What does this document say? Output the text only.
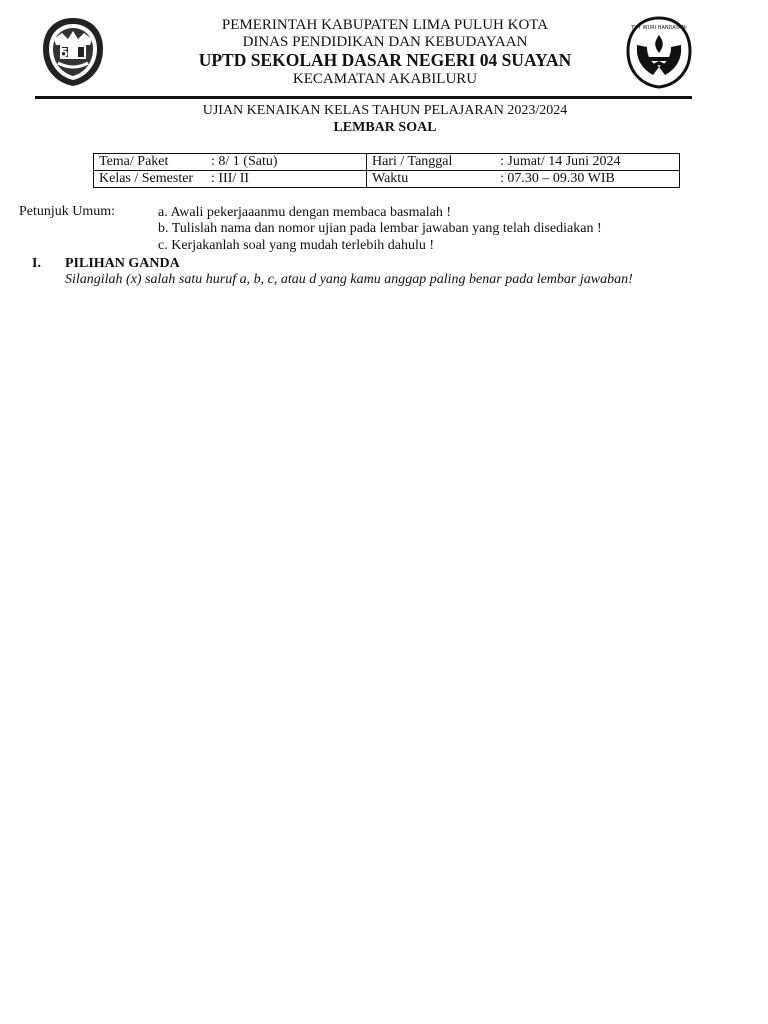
50
TUT WURI HANDAYANI
PEMERINTAH KABUPATEN LIMA PULUH KOTA
DINAS PENDIDIKAN DAN KEBUDAYAAN
UPTD SEKOLAH DASAR NEGERI 04 SUAYAN
KECAMATAN AKABILURU
UJIAN KENAIKAN KELAS TAHUN PELAJARAN 2023/2024
LEMBAR SOAL
Tema/ Paket : 8/ 1 (Satu)	Hari / Tanggal : Jumat/ 14 Juni 2024
Kelas / Semester : III/ II	Waktu : 07.30 – 09.30 WIB
Petunjuk Umum:	a. Awali pekerjaaanmu dengan membaca basmalah !
b. Tulislah nama dan nomor ujian pada lembar jawaban yang telah disediakan !
c. Kerjakanlah soal yang mudah terlebih dahulu !
I. PILIHAN GANDA
Silangilah (x) salah satu huruf a, b, c, atau d yang kamu anggap paling benar pada lembar jawaban!
